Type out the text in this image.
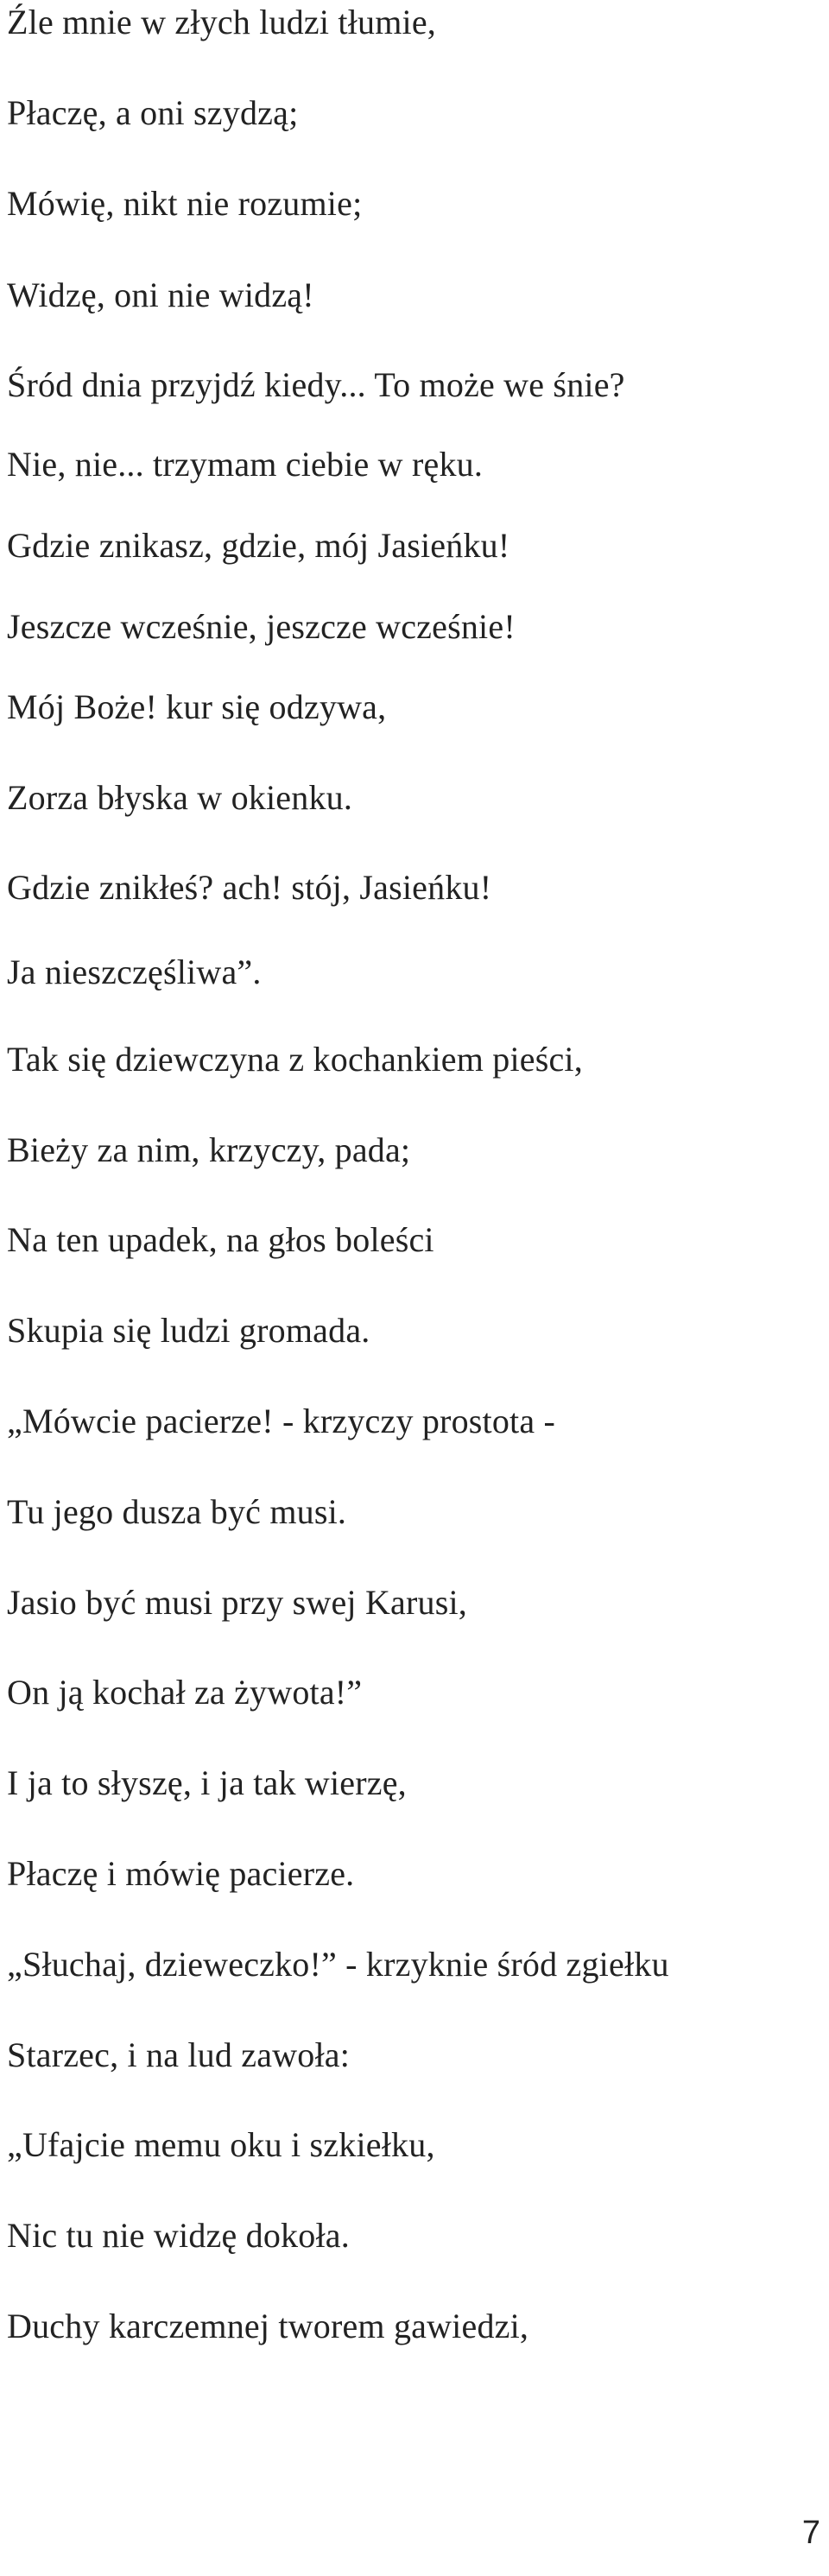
Źle mnie w złych ludzi tłumie,
Płaczę, a oni szydzą;
Mówię, nikt nie rozumie;
Widzę, oni nie widzą!
Śród dnia przyjdź kiedy... To może we śnie?
Nie, nie... trzymam ciebie w ręku.
Gdzie znikasz, gdzie, mój Jasieńku!
Jeszcze wcześnie, jeszcze wcześnie!
Mój Boże! kur się odzywa,
Zorza błyska w okienku.
Gdzie znikłeś? ach! stój, Jasieńku!
Ja nieszczęśliwa”.
Tak się dziewczyna z kochankiem pieści,
Bieży za nim, krzyczy, pada;
Na ten upadek, na głos boleści
Skupia się ludzi gromada.
„Mówcie pacierze! - krzyczy prostota -
Tu jego dusza być musi.
Jasio być musi przy swej Karusi,
On ją kochał za żywota!”
I ja to słyszę, i ja tak wierzę,
Płaczę i mówię pacierze.
„Słuchaj, dzieweczko!” - krzyknie śród zgiełku
Starzec, i na lud zawoła:
„Ufajcie memu oku i szkiełku,
Nic tu nie widzę dokoła.
Duchy karczemnej tworem gawiedzi,
7
